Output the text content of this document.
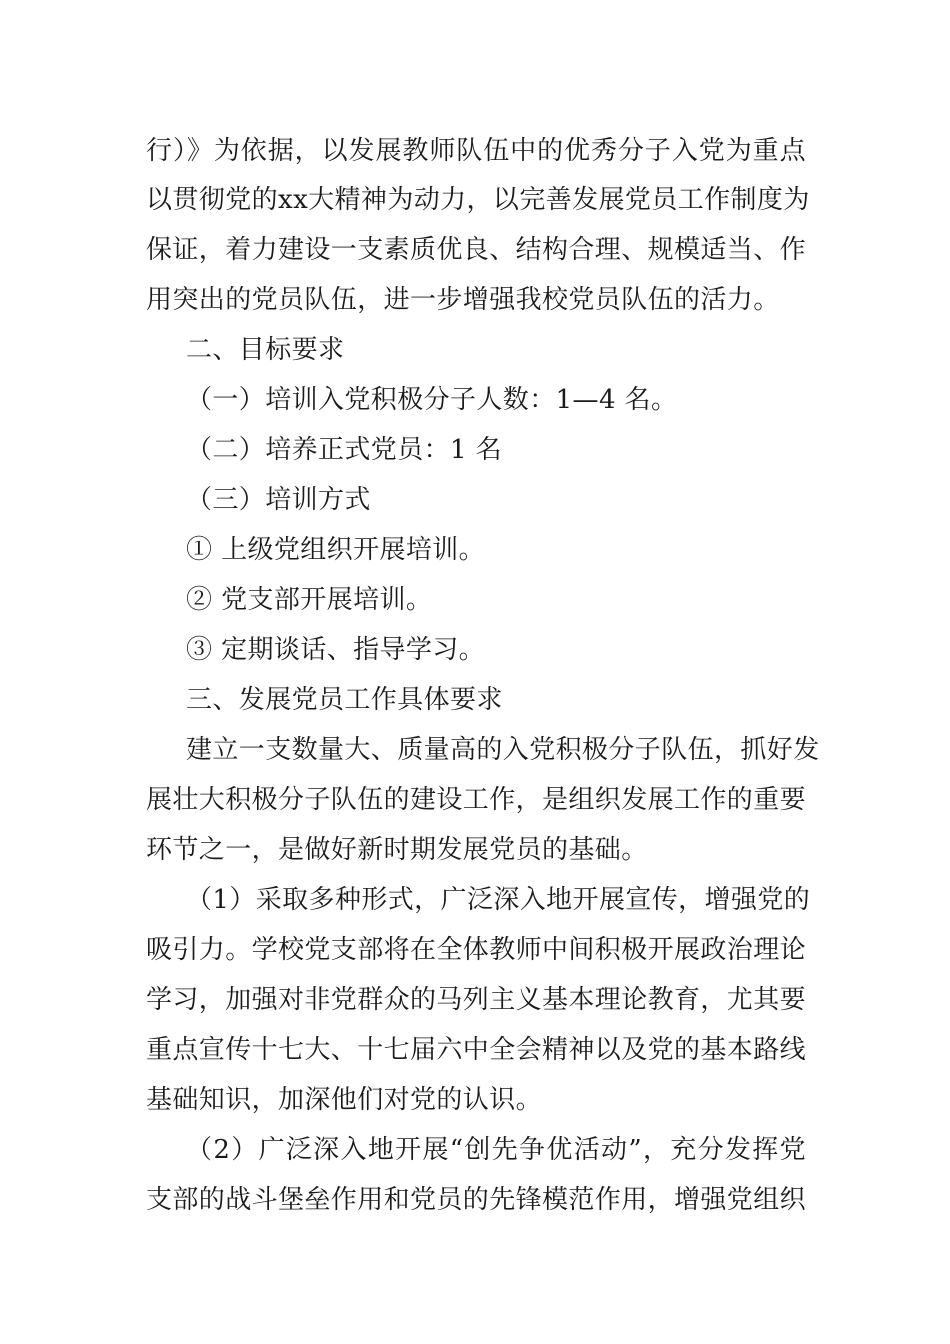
行）》为依据，以发展教师队伍中的优秀分子入党为重点
以贯彻党的xx大精神为动力，以完善发展党员工作制度为
保证，着力建设一支素质优良、结构合理、规模适当、作
用突出的党员队伍，进一步增强我校党员队伍的活力。
二、目标要求
（一）培训入党积极分子人数：1—4 名。
（二）培养正式党员：1 名
（三）培训方式
① 上级党组织开展培训。
② 党支部开展培训。
③ 定期谈话、指导学习。
三、发展党员工作具体要求
建立一支数量大、质量高的入党积极分子队伍，抓好发
展壮大积极分子队伍的建设工作，是组织发展工作的重要
环节之一，是做好新时期发展党员的基础。
（1）采取多种形式，广泛深入地开展宣传，增强党的
吸引力。学校党支部将在全体教师中间积极开展政治理论
学习，加强对非党群众的马列主义基本理论教育，尤其要
重点宣传十七大、十七届六中全会精神以及党的基本路线
基础知识，加深他们对党的认识。
（2）广泛深入地开展“创先争优活动”，充分发挥党
支部的战斗堡垒作用和党员的先锋模范作用，增强党组织
